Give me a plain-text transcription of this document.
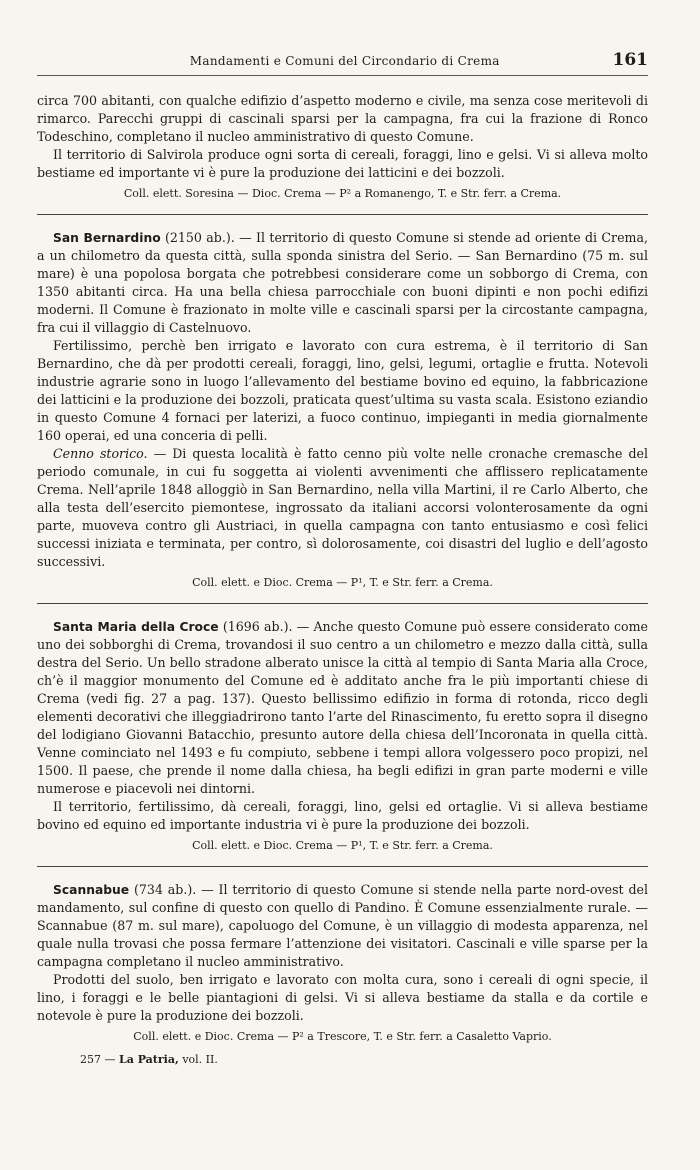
Mandamenti e Comuni del Circondario di Crema	161

circa 700 abitanti, con qualche edifizio d’aspetto moderno e civile, ma senza cose meritevoli di rimarco. Parecchi gruppi di cascinali sparsi per la campagna, fra cui la frazione di Ronco Todeschino, completano il nucleo amministrativo di questo Comune.

Il territorio di Salvirola produce ogni sorta di cereali, foraggi, lino e gelsi. Vi si alleva molto bestiame ed importante vi è pure la produzione dei latticini e dei bozzoli.

Coll. elett. Soresina — Dioc. Crema — P² a Romanengo, T. e Str. ferr. a Crema.

San Bernardino (2150 ab.). — Il territorio di questo Comune si stende ad oriente di Crema, a un chilometro da questa città, sulla sponda sinistra del Serio. — San Bernardino (75 m. sul mare) è una popolosa borgata che potrebbesi considerare come un sobborgo di Crema, con 1350 abitanti circa. Ha una bella chiesa parrocchiale con buoni dipinti e non pochi edifizi moderni. Il Comune è frazionato in molte ville e cascinali sparsi per la circostante campagna, fra cui il villaggio di Castelnuovo.

Fertilissimo, perchè ben irrigato e lavorato con cura estrema, è il territorio di San Bernardino, che dà per prodotti cereali, foraggi, lino, gelsi, legumi, ortaglie e frutta. Notevoli industrie agrarie sono in luogo l’allevamento del bestiame bovino ed equino, la fabbricazione dei latticini e la produzione dei bozzoli, praticata quest’ultima su vasta scala. Esistono eziandio in questo Comune 4 fornaci per laterizi, a fuoco continuo, impieganti in media giornalmente 160 operai, ed una conceria di pelli.

Cenno storico. — Di questa località è fatto cenno più volte nelle cronache cremasche del periodo comunale, in cui fu soggetta ai violenti avvenimenti che afflissero replicatamente Crema. Nell’aprile 1848 alloggiò in San Bernardino, nella villa Martini, il re Carlo Alberto, che alla testa dell’esercito piemontese, ingrossato da italiani accorsi volonterosamente da ogni parte, muoveva contro gli Austriaci, in quella campagna con tanto entusiasmo e così felici successi iniziata e terminata, per contro, sì dolorosamente, coi disastri del luglio e dell’agosto successivi.

Coll. elett. e Dioc. Crema — P¹, T. e Str. ferr. a Crema.

Santa Maria della Croce (1696 ab.). — Anche questo Comune può essere considerato come uno dei sobborghi di Crema, trovandosi il suo centro a un chilometro e mezzo dalla città, sulla destra del Serio. Un bello stradone alberato unisce la città al tempio di Santa Maria alla Croce, ch’è il maggior monumento del Comune ed è additato anche fra le più importanti chiese di Crema (vedi fig. 27 a pag. 137). Questo bellissimo edifizio in forma di rotonda, ricco degli elementi decorativi che illeggiadrirono tanto l’arte del Rinascimento, fu eretto sopra il disegno del lodigiano Giovanni Batacchio, presunto autore della chiesa dell’Incoronata in quella città. Venne cominciato nel 1493 e fu compiuto, sebbene i tempi allora volgessero poco propizi, nel 1500. Il paese, che prende il nome dalla chiesa, ha begli edifizi in gran parte moderni e ville numerose e piacevoli nei dintorni.

Il territorio, fertilissimo, dà cereali, foraggi, lino, gelsi ed ortaglie. Vi si alleva bestiame bovino ed equino ed importante industria vi è pure la produzione dei bozzoli.

Coll. elett. e Dioc. Crema — P¹, T. e Str. ferr. a Crema.

Scannabue (734 ab.). — Il territorio di questo Comune si stende nella parte nord-ovest del mandamento, sul confine di questo con quello di Pandino. È Comune essenzialmente rurale. — Scannabue (87 m. sul mare), capoluogo del Comune, è un villaggio di modesta apparenza, nel quale nulla trovasi che possa fermare l’attenzione dei visitatori. Cascinali e ville sparse per la campagna completano il nucleo amministrativo.

Prodotti del suolo, ben irrigato e lavorato con molta cura, sono i cereali di ogni specie, il lino, i foraggi e le belle piantagioni di gelsi. Vi si alleva bestiame da stalla e da cortile e notevole è pure la produzione dei bozzoli.

Coll. elett. e Dioc. Crema — P² a Trescore, T. e Str. ferr. a Casaletto Vaprio.

257 — La Patria, vol. II.
